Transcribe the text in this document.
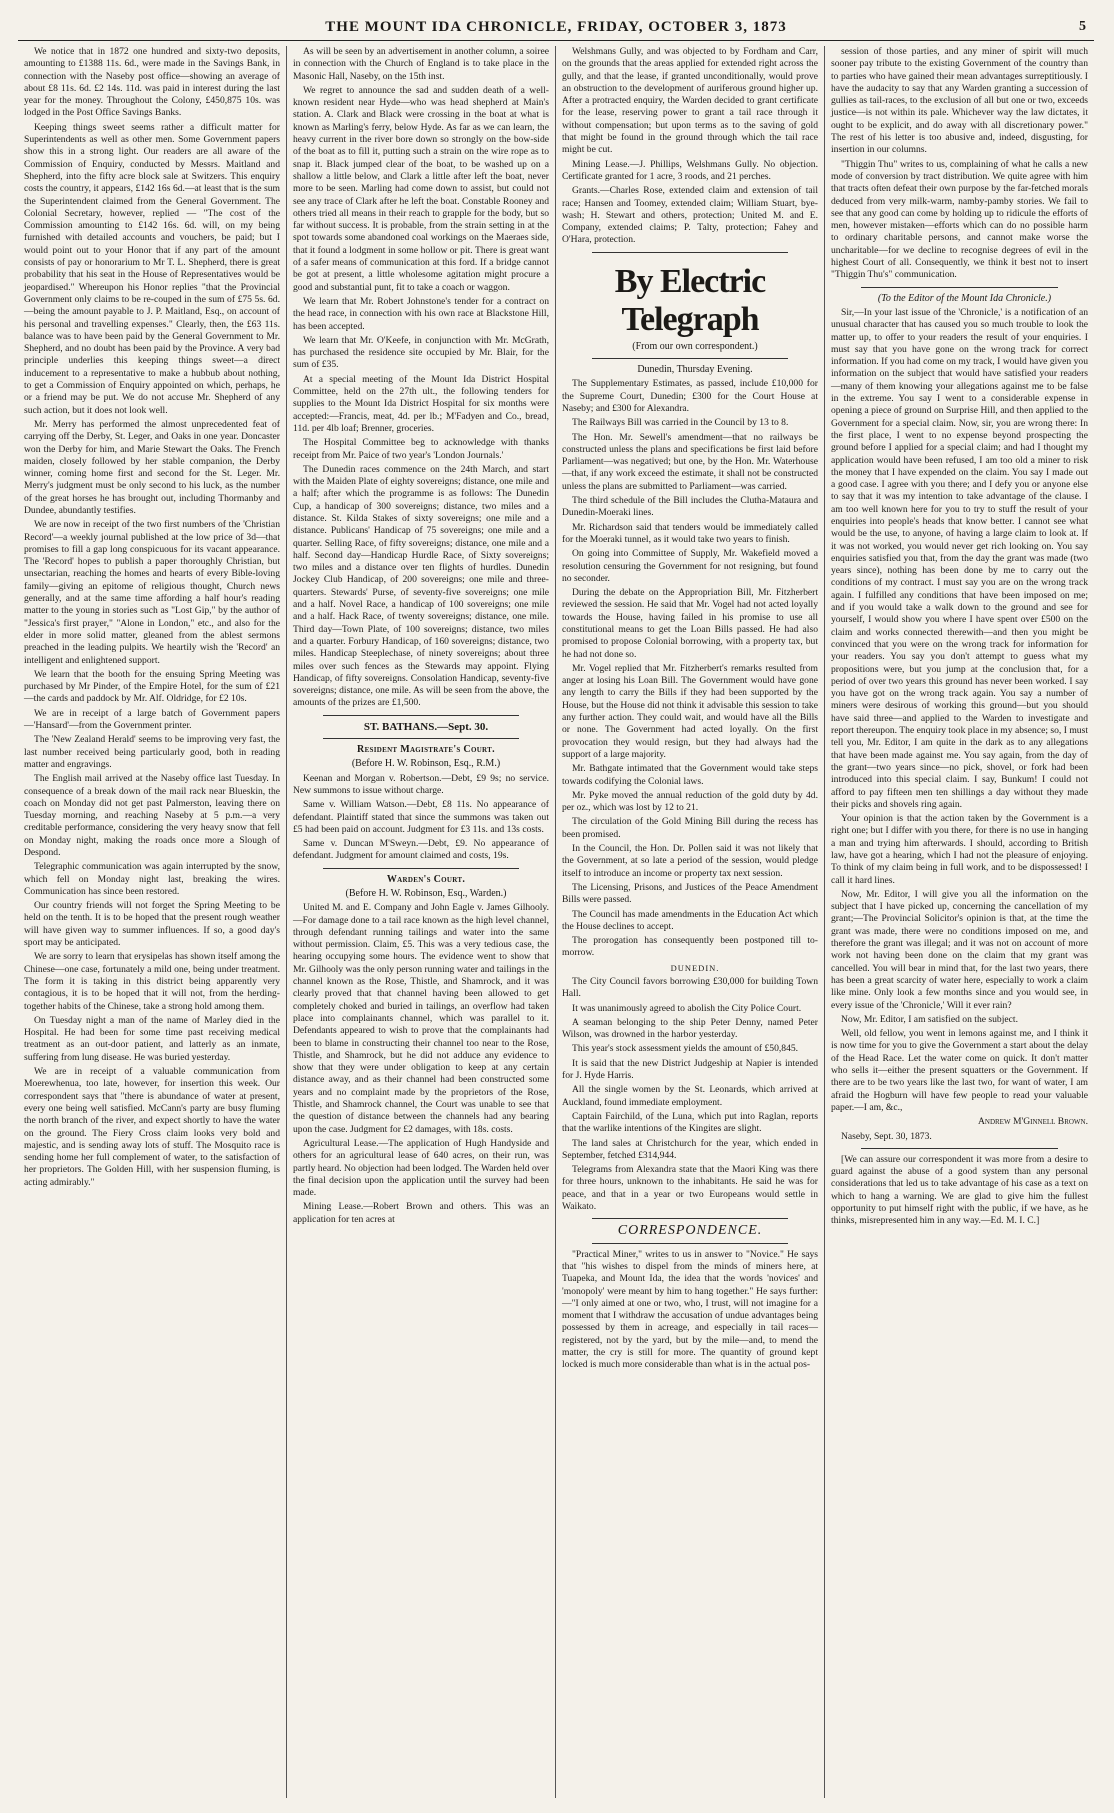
THE MOUNT IDA CHRONICLE, FRIDAY, OCTOBER 3, 1873	5

We notice that in 1872 one hundred and sixty-two deposits, amounting to £1388 11s. 6d., were made in the Savings Bank, in connection with the Naseby post office—showing an average of about £8 11s. 6d. £2 14s. 11d. was paid in interest during the last year for the money. Throughout the Colony, £450,875 10s. was lodged in the Post Office Savings Banks.

Keeping things sweet seems rather a difficult matter for Superintendents as well as other men. Some Government papers show this in a strong light. Our readers are all aware of the Commission of Enquiry, conducted by Messrs. Maitland and Shepherd, into the fifty acre block sale at Switzers. This enquiry costs the country, it appears, £142 16s 6d.—at least that is the sum the Superintendent claimed from the General Government. The Colonial Secretary, however, replied — "The cost of the Commission amounting to £142 16s. 6d. will, on my being furnished with detailed accounts and vouchers, be paid; but I would point out to your Honor that if any part of the amount consists of pay or honorarium to Mr T. L. Shepherd, there is great probability that his seat in the House of Representatives would be jeopardised." Whereupon his Honor replies "that the Provincial Government only claims to be re-couped in the sum of £75 5s. 6d.—being the amount payable to J. P. Maitland, Esq., on account of his personal and travelling expenses." Clearly, then, the £63 11s. balance was to have been paid by the General Government to Mr. Shepherd, and no doubt has been paid by the Province. A very bad principle underlies this keeping things sweet—a direct inducement to a representative to make a hubbub about nothing, to get a Commission of Enquiry appointed on which, perhaps, he or a friend may be put. We do not accuse Mr. Shepherd of any such action, but it does not look well.

Mr. Merry has performed the almost unprecedented feat of carrying off the Derby, St. Leger, and Oaks in one year. Doncaster won the Derby for him, and Marie Stewart the Oaks. The French maiden, closely followed by her stable companion, the Derby winner, coming home first and second for the St. Leger. Mr. Merry's judgment must be only second to his luck, as the number of the great horses he has brought out, including Thormanby and Dundee, abundantly testifies.

We are now in receipt of the two first numbers of the 'Christian Record'—a weekly journal published at the low price of 3d—that promises to fill a gap long conspicuous for its vacant appearance. The 'Record' hopes to publish a paper thoroughly Christian, but unsectarian, reaching the homes and hearts of every Bible-loving family—giving an epitome of religious thought, Church news generally, and at the same time affording a half hour's reading matter to the young in stories such as "Lost Gip," by the author of "Jessica's first prayer," "Alone in London," etc., and also for the elder in more solid matter, gleaned from the ablest sermons preached in the leading pulpits. We heartily wish the 'Record' an intelligent and enlightened support.

We learn that the booth for the ensuing Spring Meeting was purchased by Mr Pinder, of the Empire Hotel, for the sum of £21—the cards and paddock by Mr. Alf. Oldridge, for £2 10s.

We are in receipt of a large batch of Government papers—'Hansard'—from the Government printer.

The 'New Zealand Herald' seems to be improving very fast, the last number received being particularly good, both in reading matter and engravings.

The English mail arrived at the Naseby office last Tuesday. In consequence of a break down of the mail rack near Blueskin, the coach on Monday did not get past Palmerston, leaving there on Tuesday morning, and reaching Naseby at 5 p.m.—a very creditable performance, considering the very heavy snow that fell on Monday night, making the roads once more a Slough of Despond.

Telegraphic communication was again interrupted by the snow, which fell on Monday night last, breaking the wires. Communication has since been restored.

Our country friends will not forget the Spring Meeting to be held on the tenth. It is to be hoped that the present rough weather will have given way to summer influences. If so, a good day's sport may be anticipated.

We are sorry to learn that erysipelas has shown itself among the Chinese—one case, fortunately a mild one, being under treatment. The form it is taking in this district being apparently very contagious, it is to be hoped that it will not, from the herding-together habits of the Chinese, take a strong hold among them.

On Tuesday night a man of the name of Marley died in the Hospital. He had been for some time past receiving medical treatment as an out-door patient, and latterly as an inmate, suffering from lung disease. He was buried yesterday.

We are in receipt of a valuable communication from Moerewhenua, too late, however, for insertion this week. Our correspondent says that "there is abundance of water at present, every one being well satisfied. McCann's party are busy fluming the north branch of the river, and expect shortly to have the water on the ground. The Fiery Cross claim looks very bold and majestic, and is sending away lots of stuff. The Mosquito race is sending home her full complement of water, to the satisfaction of her proprietors. The Golden Hill, with her suspension fluming, is acting admirably."

As will be seen by an advertisement in another column, a soiree in connection with the Church of England is to take place in the Masonic Hall, Naseby, on the 15th inst.

We regret to announce the sad and sudden death of a well-known resident near Hyde—who was head shepherd at Main's station. A. Clark and Black were crossing in the boat at what is known as Marling's ferry, below Hyde. As far as we can learn, the heavy current in the river bore down so strongly on the bow-side of the boat as to fill it, putting such a strain on the wire rope as to snap it. Black jumped clear of the boat, to be washed up on a shallow a little below, and Clark a little after left the boat, never more to be seen. Marling had come down to assist, but could not see any trace of Clark after he left the boat. Constable Rooney and others tried all means in their reach to grapple for the body, but so far without success. It is probable, from the strain setting in at the spot towards some abandoned coal workings on the Maeraes side, that it found a lodgment in some hollow or pit. There is great want of a safer means of communication at this ford. If a bridge cannot be got at present, a little wholesome agitation might procure a good and substantial punt, fit to take a coach or waggon.

We learn that Mr. Robert Johnstone's tender for a contract on the head race, in connection with his own race at Blackstone Hill, has been accepted.

We learn that Mr. O'Keefe, in conjunction with Mr. McGrath, has purchased the residence site occupied by Mr. Blair, for the sum of £35.

At a special meeting of the Mount Ida District Hospital Committee, held on the 27th ult., the following tenders for supplies to the Mount Ida District Hospital for six months were accepted:—Francis, meat, 4d. per lb.; M'Fadyen and Co., bread, 11d. per 4lb loaf; Brenner, groceries.

The Hospital Committee beg to acknowledge with thanks receipt from Mr. Paice of two year's 'London Journals.'

The Dunedin races commence on the 24th March, and start with the Maiden Plate of eighty sovereigns; distance, one mile and a half; after which the programme is as follows: The Dunedin Cup, a handicap of 300 sovereigns; distance, two miles and a distance. St. Kilda Stakes of sixty sovereigns; one mile and a distance. Publicans' Handicap of 75 sovereigns; one mile and a quarter. Selling Race, of fifty sovereigns; distance, one mile and a half. Second day—Handicap Hurdle Race, of Sixty sovereigns; two miles and a distance over ten flights of hurdles. Dunedin Jockey Club Handicap, of 200 sovereigns; one mile and three-quarters. Stewards' Purse, of seventy-five sovereigns; one mile and a half. Novel Race, a handicap of 100 sovereigns; one mile and a half. Hack Race, of twenty sovereigns; distance, one mile. Third day—Town Plate, of 100 sovereigns; distance, two miles and a quarter. Forbury Handicap, of 160 sovereigns; distance, two miles. Handicap Steeplechase, of ninety sovereigns; about three miles over such fences as the Stewards may appoint. Flying Handicap, of fifty sovereigns. Consolation Handicap, seventy-five sovereigns; distance, one mile. As will be seen from the above, the amounts of the prizes are £1,500.

ST. BATHANS.—Sept. 30.

Resident Magistrate's Court.

(Before H. W. Robinson, Esq., R.M.)

Keenan and Morgan v. Robertson.—Debt, £9 9s; no service. New summons to issue without charge.

Same v. William Watson.—Debt, £8 11s. No appearance of defendant. Plaintiff stated that since the summons was taken out £5 had been paid on account. Judgment for £3 11s. and 13s costs.

Same v. Duncan M'Sweyn.—Debt, £9. No appearance of defendant. Judgment for amount claimed and costs, 19s.

Warden's Court.

(Before H. W. Robinson, Esq., Warden.)

United M. and E. Company and John Eagle v. James Gilhooly.—For damage done to a tail race known as the high level channel, through defendant running tailings and water into the same without permission. Claim, £5. This was a very tedious case, the hearing occupying some hours. The evidence went to show that Mr. Gilhooly was the only person running water and tailings in the channel known as the Rose, Thistle, and Shamrock, and it was clearly proved that that channel having been allowed to get completely choked and buried in tailings, an overflow had taken place into complainants channel, which was parallel to it. Defendants appeared to wish to prove that the complainants had been to blame in constructing their channel too near to the Rose, Thistle, and Shamrock, but he did not adduce any evidence to show that they were under obligation to keep at any certain distance away, and as their channel had been constructed some years and no complaint made by the proprietors of the Rose, Thistle, and Shamrock channel, the Court was unable to see that the question of distance between the channels had any bearing upon the case. Judgment for £2 damages, with 18s. costs.

Agricultural Lease.—The application of Hugh Handyside and others for an agricultural lease of 640 acres, on their run, was partly heard. No objection had been lodged. The Warden held over the final decision upon the application until the survey had been made.

Mining Lease.—Robert Brown and others. This was an application for ten acres at

Welshmans Gully, and was objected to by Fordham and Carr, on the grounds that the areas applied for extended right across the gully, and that the lease, if granted unconditionally, would prove an obstruction to the development of auriferous ground higher up. After a protracted enquiry, the Warden decided to grant certificate for the lease, reserving power to grant a tail race through it without compensation; but upon terms as to the saving of gold that might be found in the ground through which the tail race might be cut.

Mining Lease.—J. Phillips, Welshmans Gully. No objection. Certificate granted for 1 acre, 3 roods, and 21 perches.

Grants.—Charles Rose, extended claim and extension of tail race; Hansen and Toomey, extended claim; William Stuart, bye-wash; H. Stewart and others, protection; United M. and E. Company, extended claims; P. Talty, protection; Fahey and O'Hara, protection.

By Electric Telegraph

(From our own correspondent.)

Dunedin, Thursday Evening.

The Supplementary Estimates, as passed, include £10,000 for the Supreme Court, Dunedin; £300 for the Court House at Naseby; and £300 for Alexandra.

The Railways Bill was carried in the Council by 13 to 8.

The Hon. Mr. Sewell's amendment—that no railways be constructed unless the plans and specifications be first laid before Parliament—was negatived; but one, by the Hon. Mr. Waterhouse—that, if any work exceed the estimate, it shall not be constructed unless the plans are submitted to Parliament—was carried.

The third schedule of the Bill includes the Clutha-Mataura and Dunedin-Moeraki lines.

Mr. Richardson said that tenders would be immediately called for the Moeraki tunnel, as it would take two years to finish.

On going into Committee of Supply, Mr. Wakefield moved a resolution censuring the Government for not resigning, but found no seconder.

During the debate on the Appropriation Bill, Mr. Fitzherbert reviewed the session. He said that Mr. Vogel had not acted loyally towards the House, having failed in his promise to use all constitutional means to get the Loan Bills passed. He had also promised to propose Colonial borrowing, with a property tax, but he had not done so.

Mr. Vogel replied that Mr. Fitzherbert's remarks resulted from anger at losing his Loan Bill. The Government would have gone any length to carry the Bills if they had been supported by the House, but the House did not think it advisable this session to take any further action. They could wait, and would have all the Bills or none. The Government had acted loyally. On the first provocation they would resign, but they had always had the support of a large majority.

Mr. Bathgate intimated that the Government would take steps towards codifying the Colonial laws.

Mr. Pyke moved the annual reduction of the gold duty by 4d. per oz., which was lost by 12 to 21.

The circulation of the Gold Mining Bill during the recess has been promised.

In the Council, the Hon. Dr. Pollen said it was not likely that the Government, at so late a period of the session, would pledge itself to introduce an income or property tax next session.

The Licensing, Prisons, and Justices of the Peace Amendment Bills were passed.

The Council has made amendments in the Education Act which the House declines to accept.

The prorogation has consequently been postponed till to-morrow.

DUNEDIN.

The City Council favors borrowing £30,000 for building Town Hall.

It was unanimously agreed to abolish the City Police Court.

A seaman belonging to the ship Peter Denny, named Peter Wilson, was drowned in the harbor yesterday.

This year's stock assessment yields the amount of £50,845.

It is said that the new District Judgeship at Napier is intended for J. Hyde Harris.

All the single women by the St. Leonards, which arrived at Auckland, found immediate employment.

Captain Fairchild, of the Luna, which put into Raglan, reports that the warlike intentions of the Kingites are slight.

The land sales at Christchurch for the year, which ended in September, fetched £314,944.

Telegrams from Alexandra state that the Maori King was there for three hours, unknown to the inhabitants. He said he was for peace, and that in a year or two Europeans would settle in Waikato.

CORRESPONDENCE.

"Practical Miner," writes to us in answer to "Novice." He says that "his wishes to dispel from the minds of miners here, at Tuapeka, and Mount Ida, the idea that the words 'novices' and 'monopoly' were meant by him to hang together." He says further:—"I only aimed at one or two, who, I trust, will not imagine for a moment that I withdraw the accusation of undue advantages being possessed by them in acreage, and especially in tail races—registered, not by the yard, but by the mile—and, to mend the matter, the cry is still for more. The quantity of ground kept locked is much more considerable than what is in the actual pos-

session of those parties, and any miner of spirit will much sooner pay tribute to the existing Government of the country than to parties who have gained their mean advantages surreptitiously. I have the audacity to say that any Warden granting a succession of gullies as tail-races, to the exclusion of all but one or two, exceeds justice—is not within its pale. Whichever way the law dictates, it ought to be explicit, and do away with all discretionary power." The rest of his letter is too abusive and, indeed, disgusting, for insertion in our columns.

"Thiggin Thu" writes to us, complaining of what he calls a new mode of conversion by tract distribution. We quite agree with him that tracts often defeat their own purpose by the far-fetched morals deduced from very milk-warm, namby-pamby stories. We fail to see that any good can come by holding up to ridicule the efforts of men, however mistaken—efforts which can do no possible harm to ordinary charitable persons, and cannot make worse the uncharitable—for we decline to recognise degrees of evil in the highest Court of all. Consequently, we think it best not to insert "Thiggin Thu's" communication.

(To the Editor of the Mount Ida Chronicle.)

Sir,—In your last issue of the 'Chronicle,' is a notification of an unusual character that has caused you so much trouble to look the matter up, to offer to your readers the result of your enquiries. I must say that you have gone on the wrong track for correct information. If you had come on my track, I would have given you information on the subject that would have satisfied your readers—many of them knowing your allegations against me to be false in the extreme. You say I went to a considerable expense in opening a piece of ground on Surprise Hill, and then applied to the Government for a special claim. Now, sir, you are wrong there: In the first place, I went to no expense beyond prospecting the ground before I applied for a special claim; and had I thought my application would have been refused, I am too old a miner to risk the money that I have expended on the claim. You say I made out a good case. I agree with you there; and I defy you or anyone else to say that it was my intention to take advantage of the clause. I am too well known here for you to try to stuff the result of your enquiries into people's heads that know better. I cannot see what would be the use, to anyone, of having a large claim to look at. If it was not worked, you would never get rich looking on. You say enquiries satisfied you that, from the day the grant was made (two years since), nothing has been done by me to carry out the conditions of my contract. I must say you are on the wrong track again. I fulfilled any conditions that have been imposed on me; and if you would take a walk down to the ground and see for yourself, I would show you where I have spent over £500 on the claim and works connected therewith—and then you might be convinced that you were on the wrong track for information for your readers. You say you don't attempt to guess what my propositions were, but you jump at the conclusion that, for a period of over two years this ground has never been worked. I say you have got on the wrong track again. You say a number of miners were desirous of working this ground—but you should have said three—and applied to the Warden to investigate and report thereupon. The enquiry took place in my absence; so, I must tell you, Mr. Editor, I am quite in the dark as to any allegations that have been made against me. You say again, from the day of the grant—two years since—no pick, shovel, or fork had been introduced into this special claim. I say, Bunkum! I could not afford to pay fifteen men ten shillings a day without they made their picks and shovels ring again.

Your opinion is that the action taken by the Government is a right one; but I differ with you there, for there is no use in hanging a man and trying him afterwards. I should, according to British law, have got a hearing, which I had not the pleasure of enjoying. To think of my claim being in full work, and to be dispossessed! I call it hard lines.

Now, Mr. Editor, I will give you all the information on the subject that I have picked up, concerning the cancellation of my grant;—The Provincial Solicitor's opinion is that, at the time the grant was made, there were no conditions imposed on me, and therefore the grant was illegal; and it was not on account of more work not having been done on the claim that my grant was cancelled. You will bear in mind that, for the last two years, there has been a great scarcity of water here, especially to work a claim like mine. Only look a few months since and you would see, in every issue of the 'Chronicle,' Will it ever rain?

Now, Mr. Editor, I am satisfied on the subject.

Well, old fellow, you went in lemons against me, and I think it is now time for you to give the Government a start about the delay of the Head Race. Let the water come on quick. It don't matter who sells it—either the present squatters or the Government. If there are to be two years like the last two, for want of water, I am afraid the Hogburn will have few people to read your valuable paper.—I am, &c.,

Andrew M'Ginnell Brown.

Naseby, Sept. 30, 1873.

[We can assure our correspondent it was more from a desire to guard against the abuse of a good system than any personal considerations that led us to take advantage of his case as a text on which to hang a warning. We are glad to give him the fullest opportunity to put himself right with the public, if we have, as he thinks, misrepresented him in any way.—Ed. M. I. C.]
